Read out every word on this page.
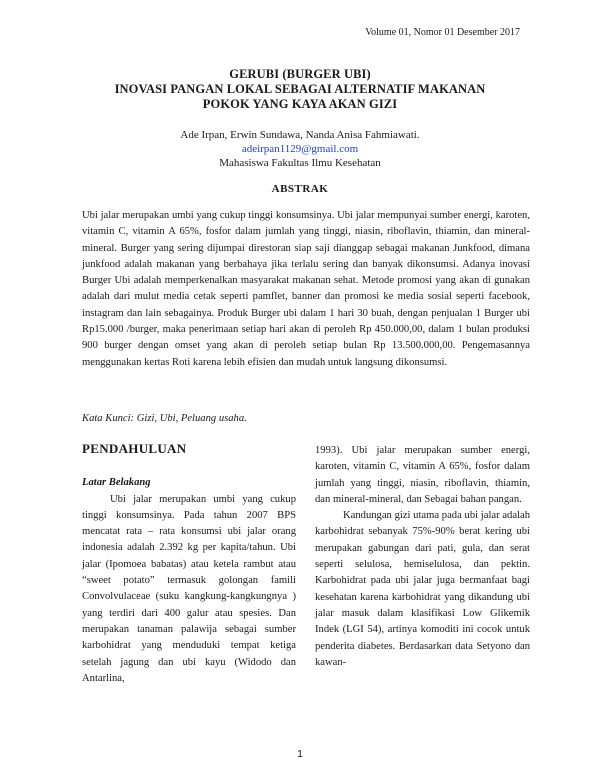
Volume 01, Nomor 01 Desember 2017
GERUBI (BURGER UBI)
INOVASI PANGAN LOKAL SEBAGAI ALTERNATIF MAKANAN
POKOK YANG KAYA AKAN GIZI
Ade Irpan, Erwin Sundawa, Nanda Anisa Fahmiawati.
adeirpan1129@gmail.com
Mahasiswa Fakultas Ilmu Kesehatan
ABSTRAK

Ubi jalar merupakan umbi yang cukup tinggi konsumsinya. Ubi jalar mempunyai sumber energi, karoten, vitamin C, vitamin A 65%, fosfor dalam jumlah yang tinggi, niasin, riboflavin, thiamin, dan mineral-mineral. Burger yang sering dijumpai direstoran siap saji dianggap sebagai makanan Junkfood, dimana junkfood adalah makanan yang berbahaya jika terlalu sering dan banyak dikonsumsi. Adanya inovasi Burger Ubi adalah memperkenalkan masyarakat makanan sehat. Metode promosi yang akan di gunakan adalah dari mulut media cetak seperti pamflet, banner dan promosi ke media sosial seperti facebook, instagram dan lain sebagainya. Produk Burger ubi dalam 1 hari 30 buah, dengan penjualan 1 Burger ubi Rp15.000 /burger, maka penerimaan setiap hari akan di peroleh Rp 450.000,00, dalam 1 bulan produksi 900 burger dengan omset yang akan di peroleh setiap bulan Rp 13.500.000,00. Pengemasannya menggunakan kertas Roti karena lebih efisien dan mudah untuk langsung dikonsumsi.

Kata Kunci: Gizi, Ubi, Peluang usaha.
PENDAHULUAN
Latar Belakang

Ubi jalar merupakan umbi yang cukup tinggi konsumsinya. Pada tahun 2007 BPS mencatat rata – rata konsumsi ubi jalar orang indonesia adalah 2.392 kg per kapita/tahun. Ubi jalar (Ipomoea babatas) atau ketela rambut atau “sweet potato” termasuk golongan famili Convolvulaceae (suku kangkung-kangkungnya ) yang terdiri dari 400 galur atau spesies. Dan merupakan tanaman palawija sebagai sumber karbohidrat yang menduduki tempat ketiga setelah jagung dan ubi kayu (Widodo dan Antarlina,

1993). Ubi jalar merupakan sumber energi, karoten, vitamin C, vitamin A 65%, fosfor dalam jumlah yang tinggi, niasin, riboflavin, thiamin, dan mineral-mineral, dan Sebagai bahan pangan.

Kandungan gizi utama pada ubi jalar adalah karbohidrat sebanyak 75%-90% berat kering ubi merupakan gabungan dari pati, gula, dan serat seperti selulosa, hemiselulosa, dan pektin. Karbohidrat pada ubi jalar juga bermanfaat bagi kesehatan karena karbohidrat yang dikandung ubi jalar masuk dalam klasifikasi Low Glikemik Indek (LGI 54), artinya komoditi ini cocok untuk penderita diabetes. Berdasarkan data Setyono dan kawan-

1
